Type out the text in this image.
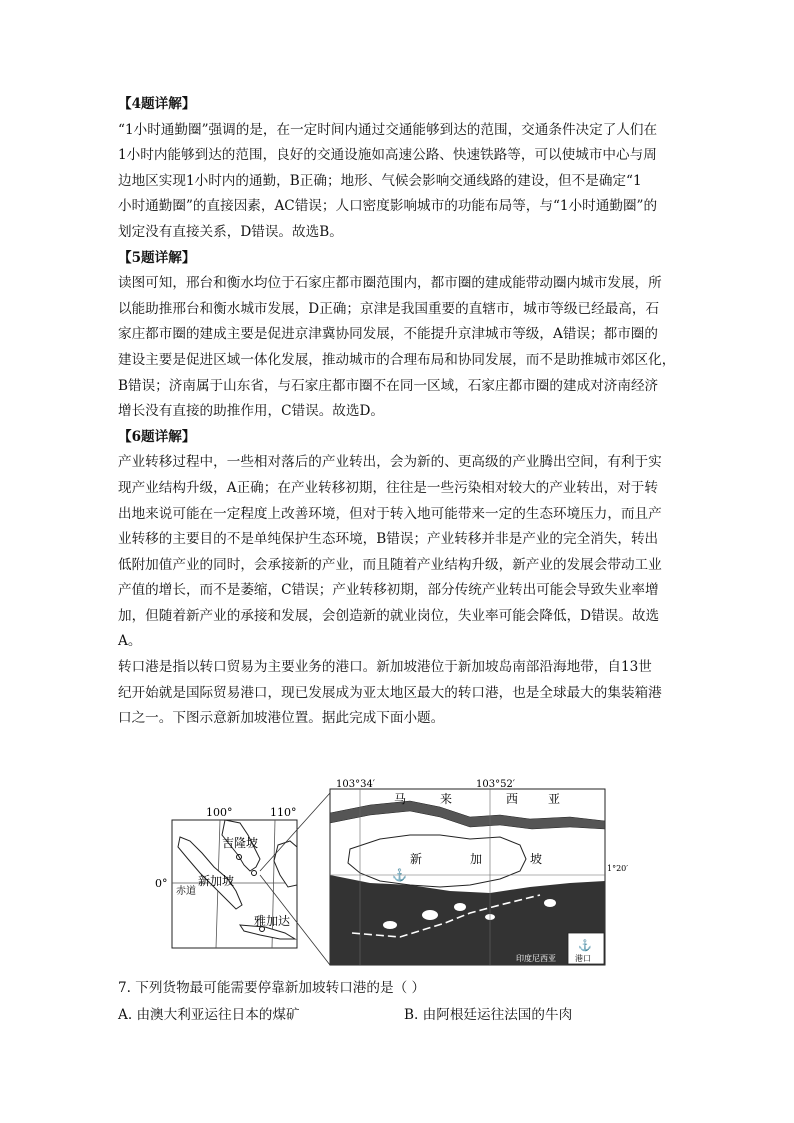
【4题详解】

“1小时通勤圈”强调的是，在一定时间内通过交通能够到达的范围，交通条件决定了人们在

1小时内能够到达的范围，良好的交通设施如高速公路、快速铁路等，可以使城市中心与周

边地区实现1小时内的通勤，B正确；地形、气候会影响交通线路的建设，但不是确定“1

小时通勤圈”的直接因素，AC错误；人口密度影响城市的功能布局等，与“1小时通勤圈”的

划定没有直接关系，D错误。故选B。

【5题详解】

读图可知，邢台和衡水均位于石家庄都市圈范围内，都市圈的建成能带动圈内城市发展，所

以能助推邢台和衡水城市发展，D正确；京津是我国重要的直辖市，城市等级已经最高，石

家庄都市圈的建成主要是促进京津冀协同发展，不能提升京津城市等级，A错误；都市圈的

建设主要是促进区域一体化发展，推动城市的合理布局和协同发展，而不是助推城市郊区化，

B错误；济南属于山东省，与石家庄都市圈不在同一区域，石家庄都市圈的建成对济南经济

增长没有直接的助推作用，C错误。故选D。

【6题详解】

产业转移过程中，一些相对落后的产业转出，会为新的、更高级的产业腾出空间，有利于实

现产业结构升级，A正确；在产业转移初期，往往是一些污染相对较大的产业转出，对于转

出地来说可能在一定程度上改善环境，但对于转入地可能带来一定的生态环境压力，而且产

业转移的主要目的不是单纯保护生态环境，B错误；产业转移并非是产业的完全消失，转出

低附加值产业的同时，会承接新的产业，而且随着产业结构升级，新产业的发展会带动工业

产值的增长，而不是萎缩，C错误；产业转移初期，部分传统产业转出可能会导致失业率增

加，但随着新产业的承接和发展，会创造新的就业岗位，失业率可能会降低，D错误。故选

A。

转口港是指以转口贸易为主要业务的港口。新加坡港位于新加坡岛南部沿海地带，自13世

纪开始就是国际贸易港口，现已发展成为亚太地区最大的转口港，也是全球最大的集装箱港

口之一。下图示意新加坡港位置。据此完成下面小题。

100°	110°
0°
赤道
吉隆坡
新加坡
雅加达
103°34′	103°52′
1°20′
马	来	西 亚
新	加	坡
⚓
印度尼西亚
⚓
港口
7. 下列货物最可能需要停靠新加坡转口港的是（ ）
A. 由澳大利亚运往日本的煤矿	B. 由阿根廷运往法国的牛肉
